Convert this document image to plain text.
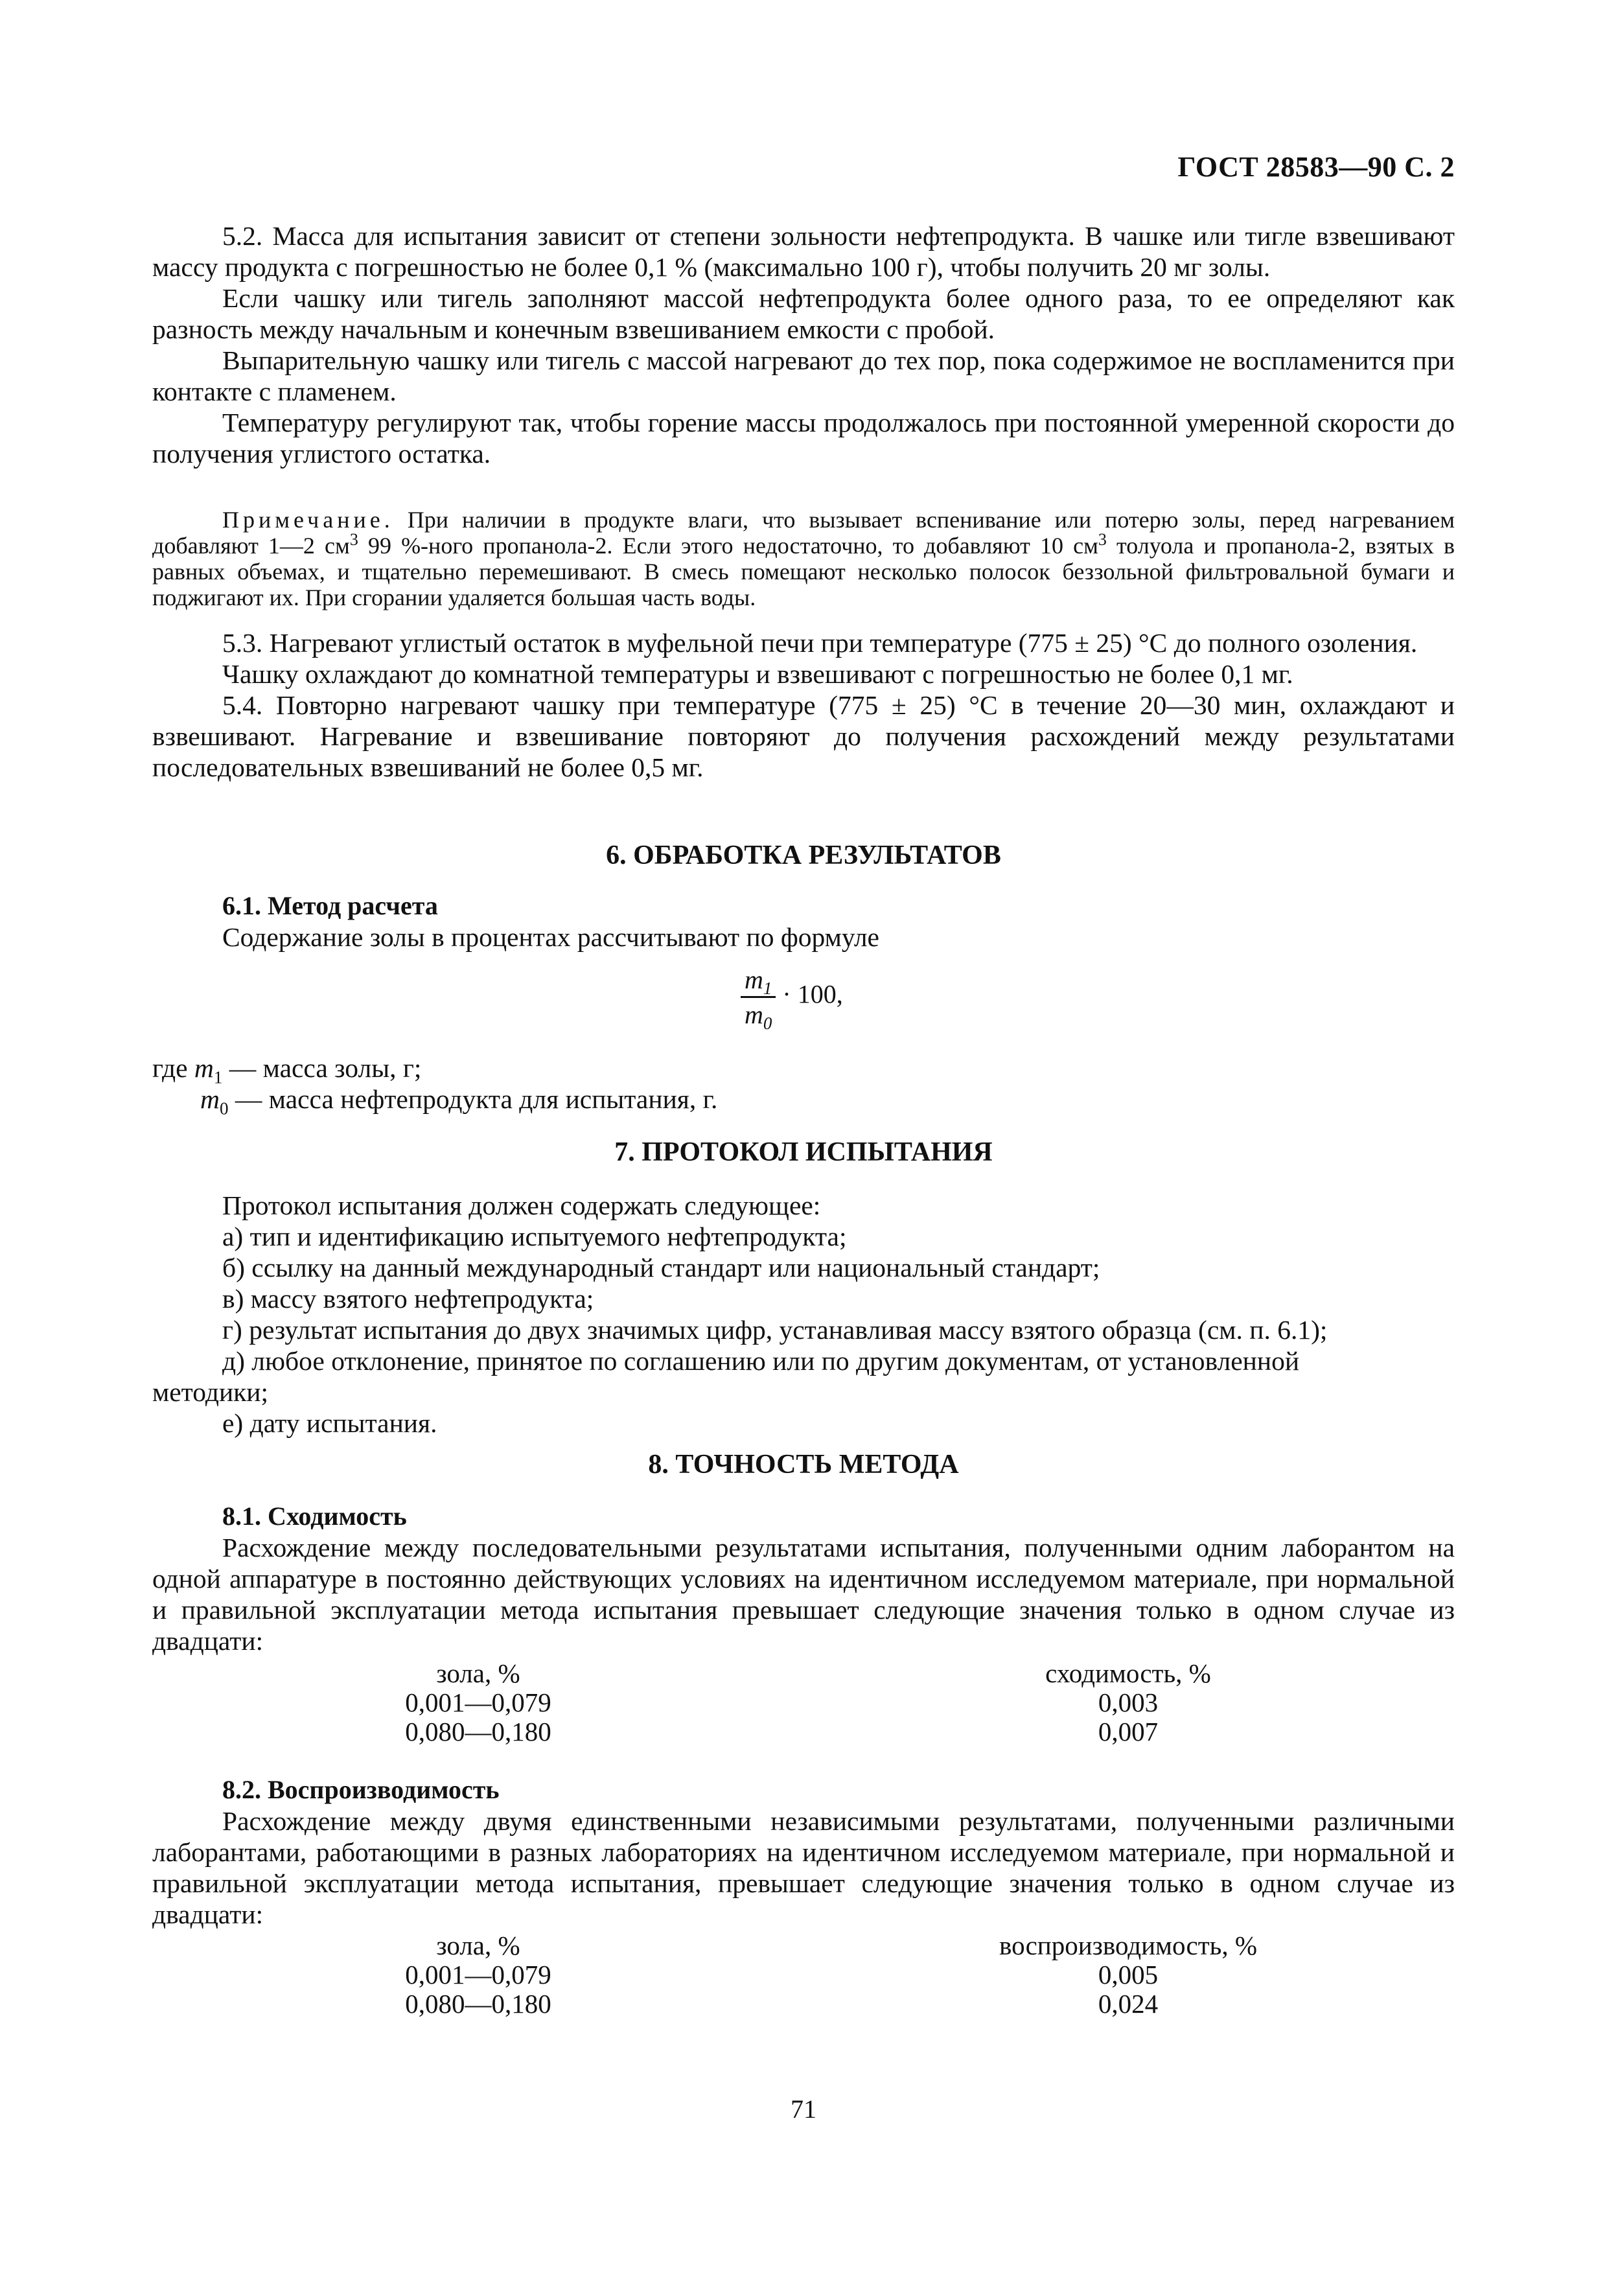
ГОСТ 28583—90 С. 2

5.2. Масса для испытания зависит от степени зольности нефтепродукта. В чашке или тигле взвешивают массу продукта с погрешностью не более 0,1 % (максимально 100 г), чтобы получить 20 мг золы.

Если чашку или тигель заполняют массой нефтепродукта более одного раза, то ее определяют как разность между начальным и конечным взвешиванием емкости с пробой.

Выпарительную чашку или тигель с массой нагревают до тех пор, пока содержимое не воспламенится при контакте с пламенем.

Температуру регулируют так, чтобы горение массы продолжалось при постоянной умеренной скорости до получения углистого остатка.

Примечание. При наличии в продукте влаги, что вызывает вспенивание или потерю золы, перед нагреванием добавляют 1—2 $см^3$ 99 %-ного пропанола-2. Если этого недостаточно, то добавляют 10 $см^3$ толуола и пропанола-2, взятых в равных объемах, и тщательно перемешивают. В смесь помещают несколько полосок беззольной фильтровальной бумаги и поджигают их. При сгорании удаляется большая часть воды.

5.3. Нагревают углистый остаток в муфельной печи при температуре (775 ± 25) °С до полного озоления.

Чашку охлаждают до комнатной температуры и взвешивают с погрешностью не более 0,1 мг.

5.4. Повторно нагревают чашку при температуре (775 ± 25) °С в течение 20—30 мин, охлаждают и взвешивают. Нагревание и взвешивание повторяют до получения расхождений между результатами последовательных взвешиваний не более 0,5 мг.

6. ОБРАБОТКА РЕЗУЛЬТАТОВ

6.1. Метод расчета

Содержание золы в процентах рассчитывают по формуле

$\frac{m_1}{m_0} \cdot 100$,
где $m_1$ — масса золы, г;
$m_0$ — масса нефтепродукта для испытания, г.
7. ПРОТОКОЛ ИСПЫТАНИЯ

Протокол испытания должен содержать следующее:

а) тип и идентификацию испытуемого нефтепродукта;

б) ссылку на данный международный стандарт или национальный стандарт;

в) массу взятого нефтепродукта;

г) результат испытания до двух значимых цифр, устанавливая массу взятого образца (см. п. 6.1);

д) любое отклонение, принятое по соглашению или по другим документам, от установленной

методики;

е) дату испытания.

8. ТОЧНОСТЬ МЕТОДА

8.1. Сходимость

Расхождение между последовательными результатами испытания, полученными одним лаборантом на одной аппаратуре в постоянно действующих условиях на идентичном исследуемом материале, при нормальной и правильной эксплуатации метода испытания превышает следующие значения только в одном случае из двадцати:

зола, %
0,001—0,079
0,080—0,180
сходимость, %
0,003
0,007

8.2. Воспроизводимость

Расхождение между двумя единственными независимыми результатами, полученными различными лаборантами, работающими в разных лабораториях на идентичном исследуемом материале, при нормальной и правильной эксплуатации метода испытания, превышает следующие значения только в одном случае из двадцати:

зола, %
0,001—0,079
0,080—0,180
воспроизводимость, %
0,005
0,024
71
